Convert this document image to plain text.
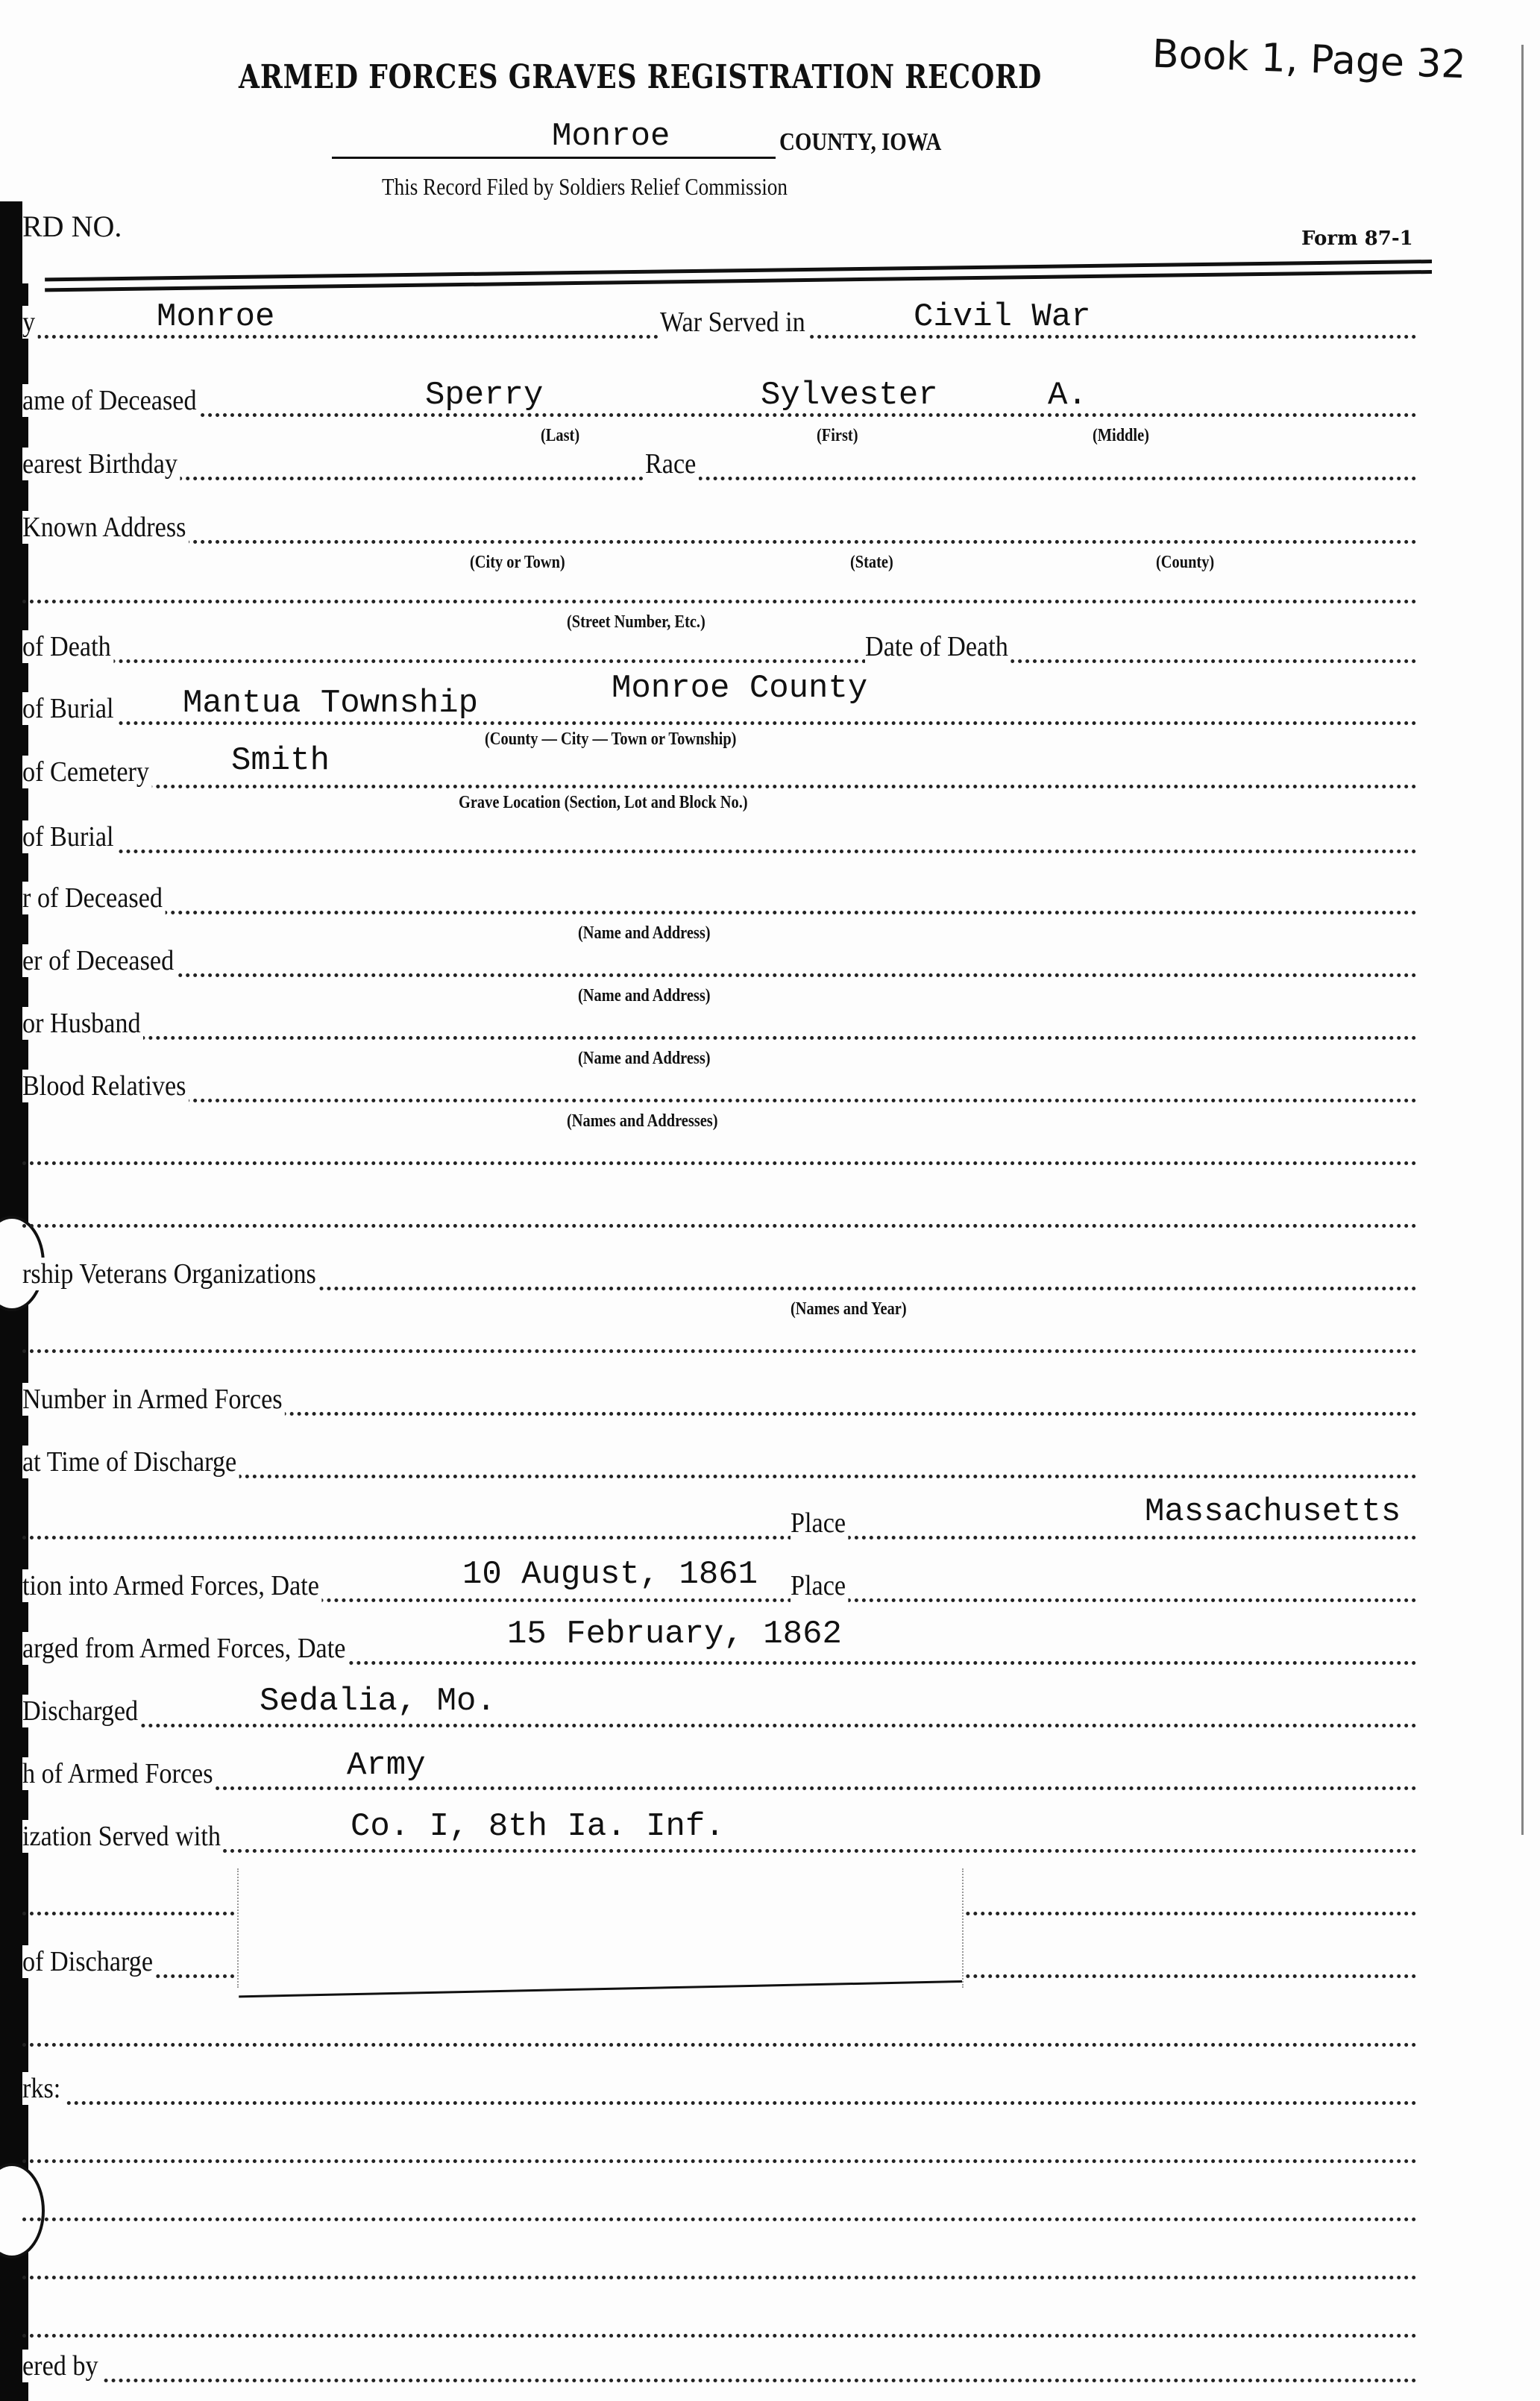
ARMED FORCES GRAVES REGISTRATION RECORD	Book 1, Page 32
Monroe	COUNTY, IOWA
This Record Filed by Soldiers Relief Commission
RD NO.	Form 87-1
y	Monroe	War Served in	Civil War
ame of Deceased	Sperry	Sylvester	A.
(Last)	(First)	(Middle)
earest Birthday	Race
Known Address
(City or Town)	(State)	(County)
(Street Number, Etc.)
of Death	Date of Death
of Burial Mantua Township	Monroe County
(County — City — Town or Township)
of Cemetery	Smith
Grave Location (Section, Lot and Block No.)
of Burial
r of Deceased
(Name and Address)
er of Deceased
(Name and Address)
or Husband
(Name and Address)
Blood Relatives
(Names and Addresses)
rship Veterans Organizations
(Names and Year)
Number in Armed Forces
at Time of Discharge
Place	Massachusetts
tion into Armed Forces, Date	10 August, 1861 Place
arged from Armed Forces, Date	15 February, 1862
Discharged	Sedalia, Mo.
h of Armed Forces	Army
ization Served with	Co. I, 8th Ia. Inf.
of Discharge
rks:
ered by
